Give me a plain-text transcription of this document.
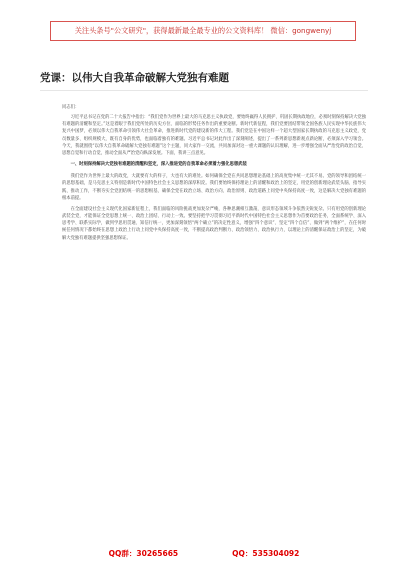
关注头条号"公文研究"，获得最新最全最专业的公文资料库！ 微信：gongwenyj
党课：以伟大自我革命破解大党独有难题

同志们：

习近平总书记在党的二十大报告中指出：“我们党作为世界上最大的马克思主义执政党，要始终赢得人民拥护、巩固长期执政地位，必须时刻保持解决大党独有难题的清醒和坚定。”这是着眼于我们党所处的历史方位、面临的形势任务作出的重要论断。新时代新征程，我们党要团结带领全国各族人民实现中华民族伟大复兴中国梦，必须以伟大自我革命引领伟大社会革命，推进新时代党的建设新的伟大工程。我们党是在中国这样一个超大型国家长期执政的马克思主义政党，党员数量多、组织规模大，既有自身的优势，也面临着独有的难题。习近平总书记对此作出了深刻阐述，提出了一系列新思想新观点新论断，必须深入学习领会。今天，我就围绕“以伟大自我革命破解大党独有难题”这个主题，同大家作一交流，共同加深对这一重大课题的认识理解，进一步增强全面从严治党的政治自觉、思想自觉和行动自觉，推动全面从严治党向纵深发展。下面，我讲三点意见。

一、时刻保持解决大党独有难题的清醒和坚定，深入推进党的自我革命必须着力强化思想武装

我们党作为世界上最大的政党，大就要有大的样子，大也有大的难处。如何确保全党在共同思想理论基础上的高度集中统一尤其不易。党的领导和团结统一的思想基础，是马克思主义特别是新时代中国特色社会主义思想的深厚积淀。我们要始终保持理论上的清醒和政治上的坚定，用党的创新理论武装头脑、指导实践、推动工作，不断夯实全党团结统一的思想根基，确保全党在政治立场、政治方向、政治原则、政治道路上同党中央保持高度一致，这是解决大党独有难题的根本前提。

在全面建设社会主义现代化国家新征程上，我们面临的风险挑战更加复杂严峻，各种思潮相互激荡，意识形态领域斗争依然尖锐复杂。只有用党的创新理论武装全党，才能保证全党思想上统一、政治上团结、行动上一致。要坚持把学习贯彻习近平新时代中国特色社会主义思想作为首要政治任务，全面系统学、深入思考学、联系实际学，做到学思用贯通、知信行统一，更加深刻领悟“两个确立”的决定性意义，增强“四个意识”、坚定“四个自信”、做到“两个维护”，在任何时候任何情况下都始终在思想上政治上行动上同党中央保持高度一致，不断提高政治判断力、政治领悟力、政治执行力，以理论上的清醒保证政治上的坚定，为破解大党独有难题提供坚强思想保证。

QQ群：30265665	QQ：535304092
